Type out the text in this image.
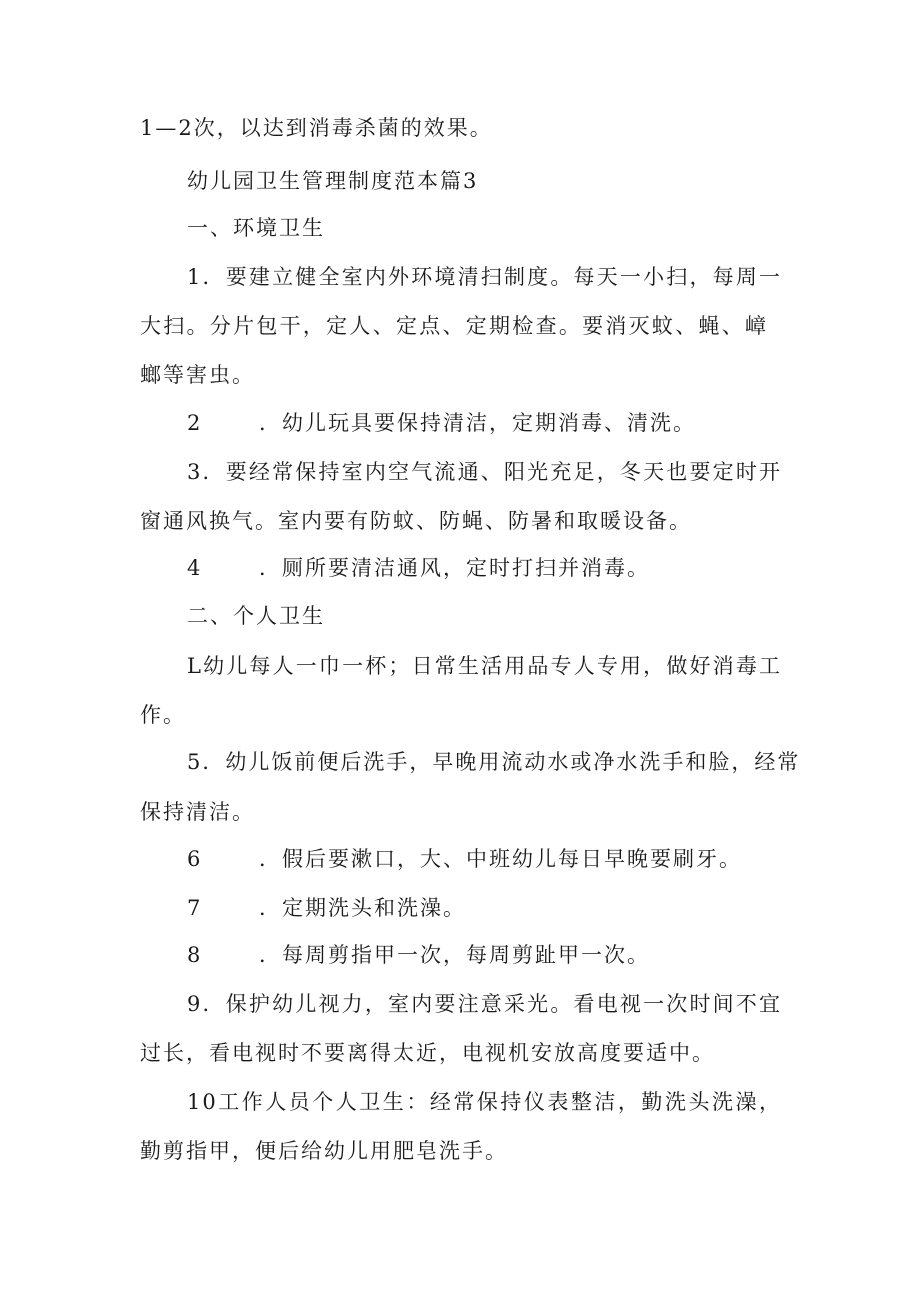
1—2次，以达到消毒杀菌的效果。
幼儿园卫生管理制度范本篇3
一、环境卫生
1．要建立健全室内外环境清扫制度。每天一小扫，每周一
大扫。分片包干，定人、定点、定期检查。要消灭蚊、蝇、嶂
螂等害虫。
2	．幼儿玩具要保持清洁，定期消毒、清洗。
3．要经常保持室内空气流通、阳光充足，冬天也要定时开
窗通风换气。室内要有防蚊、防蝇、防暑和取暖设备。
4	．厕所要清洁通风，定时打扫并消毒。
二、个人卫生
L幼儿每人一巾一杯；日常生活用品专人专用，做好消毒工
作。
5．幼儿饭前便后洗手，早晚用流动水或净水洗手和脸，经常
保持清洁。
6	．假后要漱口，大、中班幼儿每日早晚要刷牙。
7	．定期洗头和洗澡。
8	．每周剪指甲一次，每周剪趾甲一次。
9．保护幼儿视力，室内要注意采光。看电视一次时间不宜
过长，看电视时不要离得太近，电视机安放高度要适中。
10工作人员个人卫生：经常保持仪表整洁，勤洗头洗澡，
勤剪指甲，便后给幼儿用肥皂洗手。
